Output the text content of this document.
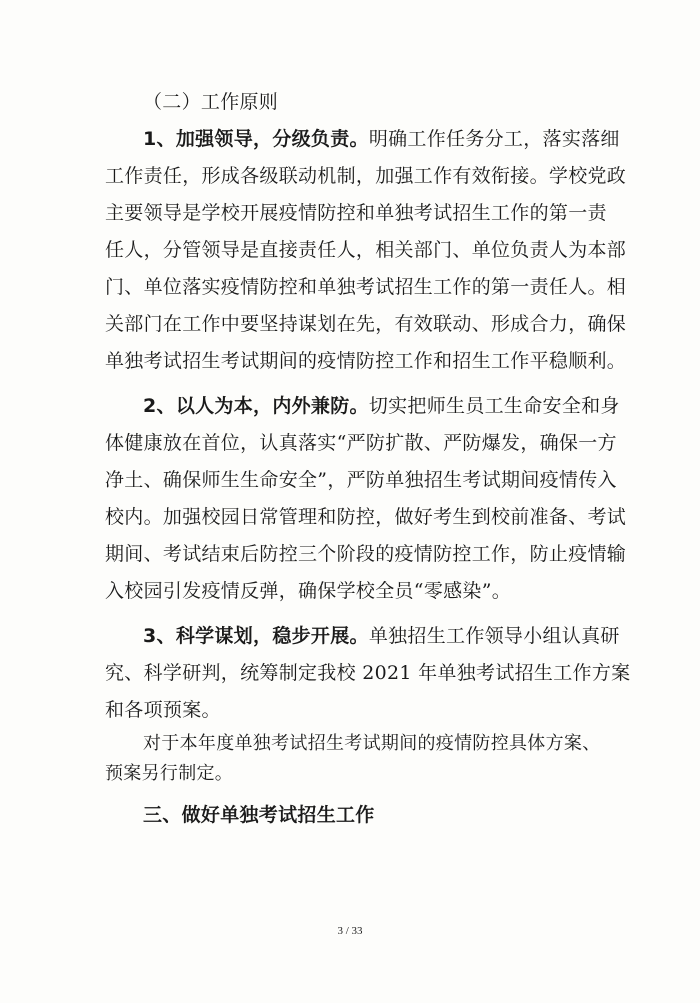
（二）工作原则
1、加强领导，分级负责。明确工作任务分工，落实落细
工作责任，形成各级联动机制，加强工作有效衔接。学校党政
主要领导是学校开展疫情防控和单独考试招生工作的第一责
任人，分管领导是直接责任人，相关部门、单位负责人为本部
门、单位落实疫情防控和单独考试招生工作的第一责任人。相
关部门在工作中要坚持谋划在先，有效联动、形成合力，确保
单独考试招生考试期间的疫情防控工作和招生工作平稳顺利。
2、以人为本，内外兼防。切实把师生员工生命安全和身
体健康放在首位，认真落实“严防扩散、严防爆发，确保一方
净土、确保师生生命安全”，严防单独招生考试期间疫情传入
校内。加强校园日常管理和防控，做好考生到校前准备、考试
期间、考试结束后防控三个阶段的疫情防控工作，防止疫情输
入校园引发疫情反弹，确保学校全员“零感染”。
3、科学谋划，稳步开展。单独招生工作领导小组认真研
究、科学研判，统筹制定我校 2021 年单独考试招生工作方案
和各项预案。
对于本年度单独考试招生考试期间的疫情防控具体方案、
预案另行制定。
三、做好单独考试招生工作
3 / 33
